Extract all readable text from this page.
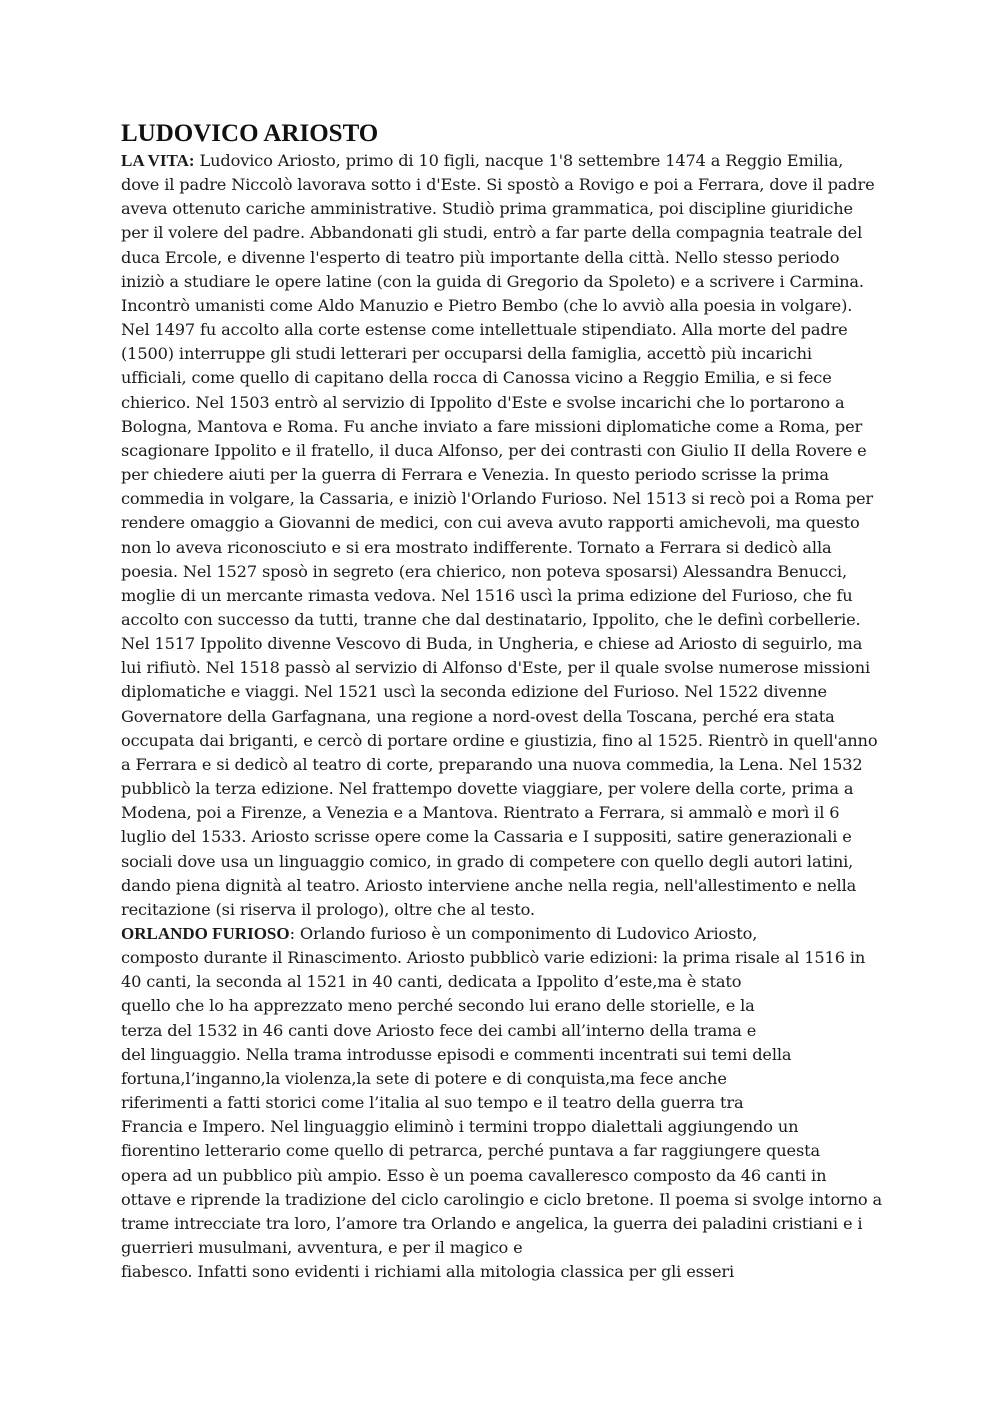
LUDOVICO ARIOSTO
LA VITA: Ludovico Ariosto, primo di 10 figli, nacque 1'8 settembre 1474 a Reggio Emilia,
dove il padre Niccolò lavorava sotto i d'Este. Si spostò a Rovigo e poi a Ferrara, dove il padre
aveva ottenuto cariche amministrative. Studiò prima grammatica, poi discipline giuridiche
per il volere del padre. Abbandonati gli studi, entrò a far parte della compagnia teatrale del
duca Ercole, e divenne l'esperto di teatro più importante della città. Nello stesso periodo
iniziò a studiare le opere latine (con la guida di Gregorio da Spoleto) e a scrivere i Carmina.
Incontrò umanisti come Aldo Manuzio e Pietro Bembo (che lo avviò alla poesia in volgare).
Nel 1497 fu accolto alla corte estense come intellettuale stipendiato. Alla morte del padre
(1500) interruppe gli studi letterari per occuparsi della famiglia, accettò più incarichi
ufficiali, come quello di capitano della rocca di Canossa vicino a Reggio Emilia, e si fece
chierico. Nel 1503 entrò al servizio di Ippolito d'Este e svolse incarichi che lo portarono a
Bologna, Mantova e Roma. Fu anche inviato a fare missioni diplomatiche come a Roma, per
scagionare Ippolito e il fratello, il duca Alfonso, per dei contrasti con Giulio II della Rovere e
per chiedere aiuti per la guerra di Ferrara e Venezia. In questo periodo scrisse la prima
commedia in volgare, la Cassaria, e iniziò l'Orlando Furioso. Nel 1513 si recò poi a Roma per
rendere omaggio a Giovanni de medici, con cui aveva avuto rapporti amichevoli, ma questo
non lo aveva riconosciuto e si era mostrato indifferente. Tornato a Ferrara si dedicò alla
poesia. Nel 1527 sposò in segreto (era chierico, non poteva sposarsi) Alessandra Benucci,
moglie di un mercante rimasta vedova. Nel 1516 uscì la prima edizione del Furioso, che fu
accolto con successo da tutti, tranne che dal destinatario, Ippolito, che le definì corbellerie.
Nel 1517 Ippolito divenne Vescovo di Buda, in Ungheria, e chiese ad Ariosto di seguirlo, ma
lui rifiutò. Nel 1518 passò al servizio di Alfonso d'Este, per il quale svolse numerose missioni
diplomatiche e viaggi. Nel 1521 uscì la seconda edizione del Furioso. Nel 1522 divenne
Governatore della Garfagnana, una regione a nord-ovest della Toscana, perché era stata
occupata dai briganti, e cercò di portare ordine e giustizia, fino al 1525. Rientrò in quell'anno
a Ferrara e si dedicò al teatro di corte, preparando una nuova commedia, la Lena. Nel 1532
pubblicò la terza edizione. Nel frattempo dovette viaggiare, per volere della corte, prima a
Modena, poi a Firenze, a Venezia e a Mantova. Rientrato a Ferrara, si ammalò e morì il 6
luglio del 1533. Ariosto scrisse opere come la Cassaria e I suppositi, satire generazionali e
sociali dove usa un linguaggio comico, in grado di competere con quello degli autori latini,
dando piena dignità al teatro. Ariosto interviene anche nella regia, nell'allestimento e nella
recitazione (si riserva il prologo), oltre che al testo.
ORLANDO FURIOSO: Orlando furioso è un componimento di Ludovico Ariosto,
composto durante il Rinascimento. Ariosto pubblicò varie edizioni: la prima risale al 1516 in
40 canti, la seconda al 1521 in 40 canti, dedicata a Ippolito d’este,ma è stato
quello che lo ha apprezzato meno perché secondo lui erano delle storielle, e la
terza del 1532 in 46 canti dove Ariosto fece dei cambi all’interno della trama e
del linguaggio. Nella trama introdusse episodi e commenti incentrati sui temi della
fortuna,l’inganno,la violenza,la sete di potere e di conquista,ma fece anche
riferimenti a fatti storici come l’italia al suo tempo e il teatro della guerra tra
Francia e Impero. Nel linguaggio eliminò i termini troppo dialettali aggiungendo un
fiorentino letterario come quello di petrarca, perché puntava a far raggiungere questa
opera ad un pubblico più ampio. Esso è un poema cavalleresco composto da 46 canti in
ottave e riprende la tradizione del ciclo carolingio e ciclo bretone. Il poema si svolge intorno a
trame intrecciate tra loro, l’amore tra Orlando e angelica, la guerra dei paladini cristiani e i
guerrieri musulmani, avventura, e per il magico e
fiabesco. Infatti sono evidenti i richiami alla mitologia classica per gli esseri
